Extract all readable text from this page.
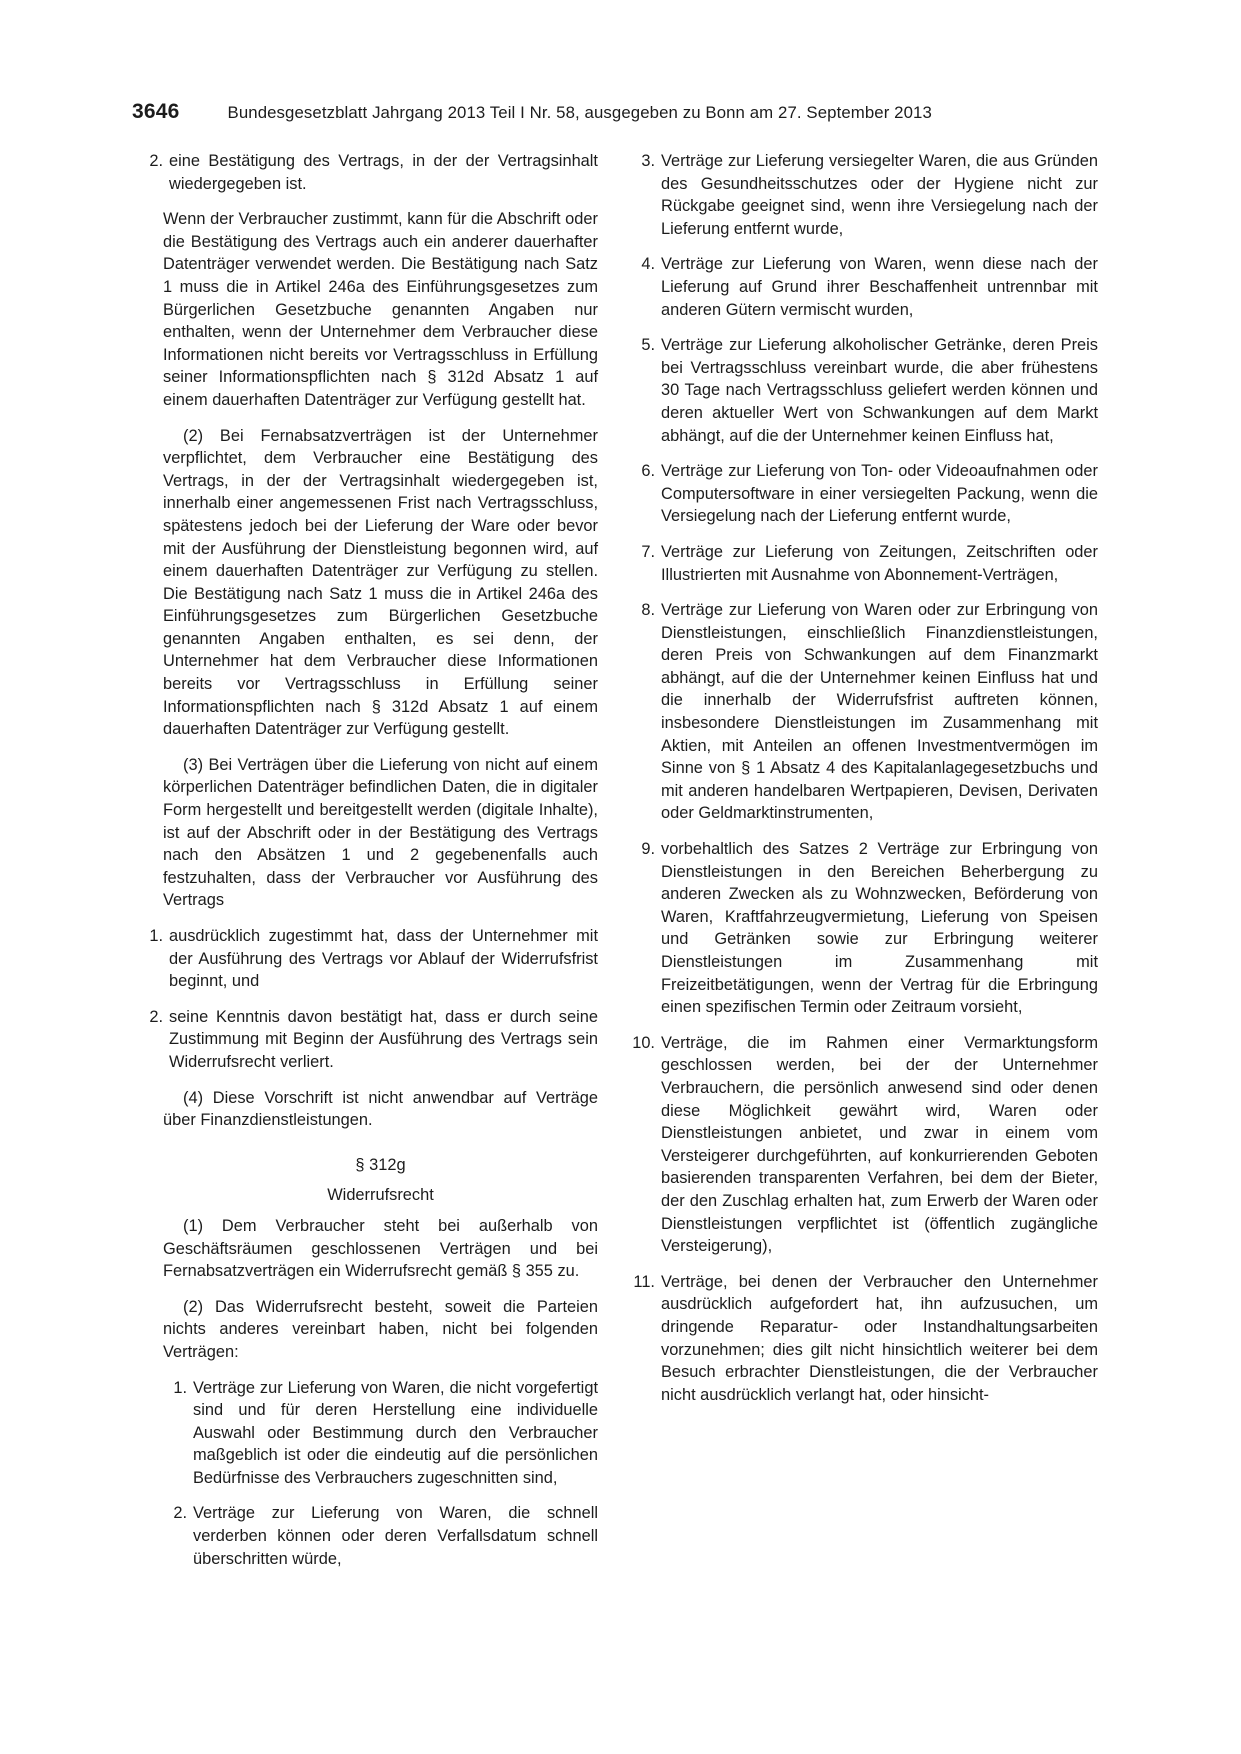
3646	Bundesgesetzblatt Jahrgang 2013 Teil I Nr. 58, ausgegeben zu Bonn am 27. September 2013
2. eine Bestätigung des Vertrags, in der der Vertragsinhalt wiedergegeben ist.

Wenn der Verbraucher zustimmt, kann für die Abschrift oder die Bestätigung des Vertrags auch ein anderer dauerhafter Datenträger verwendet werden. Die Bestätigung nach Satz 1 muss die in Artikel 246a des Einführungsgesetzes zum Bürgerlichen Gesetzbuche genannten Angaben nur enthalten, wenn der Unternehmer dem Verbraucher diese Informationen nicht bereits vor Vertragsschluss in Erfüllung seiner Informationspflichten nach § 312d Absatz 1 auf einem dauerhaften Datenträger zur Verfügung gestellt hat.

(2) Bei Fernabsatzverträgen ist der Unternehmer verpflichtet, dem Verbraucher eine Bestätigung des Vertrags, in der der Vertragsinhalt wiedergegeben ist, innerhalb einer angemessenen Frist nach Vertragsschluss, spätestens jedoch bei der Lieferung der Ware oder bevor mit der Ausführung der Dienstleistung begonnen wird, auf einem dauerhaften Datenträger zur Verfügung zu stellen. Die Bestätigung nach Satz 1 muss die in Artikel 246a des Einführungsgesetzes zum Bürgerlichen Gesetzbuche genannten Angaben enthalten, es sei denn, der Unternehmer hat dem Verbraucher diese Informationen bereits vor Vertragsschluss in Erfüllung seiner Informationspflichten nach § 312d Absatz 1 auf einem dauerhaften Datenträger zur Verfügung gestellt.

(3) Bei Verträgen über die Lieferung von nicht auf einem körperlichen Datenträger befindlichen Daten, die in digitaler Form hergestellt und bereitgestellt werden (digitale Inhalte), ist auf der Abschrift oder in der Bestätigung des Vertrags nach den Absätzen 1 und 2 gegebenenfalls auch festzuhalten, dass der Verbraucher vor Ausführung des Vertrags

1. ausdrücklich zugestimmt hat, dass der Unternehmer mit der Ausführung des Vertrags vor Ablauf der Widerrufsfrist beginnt, und
2. seine Kenntnis davon bestätigt hat, dass er durch seine Zustimmung mit Beginn der Ausführung des Vertrags sein Widerrufsrecht verliert.

(4) Diese Vorschrift ist nicht anwendbar auf Verträge über Finanzdienstleistungen.

§ 312g
Widerrufsrecht

(1) Dem Verbraucher steht bei außerhalb von Geschäftsräumen geschlossenen Verträgen und bei Fernabsatzverträgen ein Widerrufsrecht gemäß § 355 zu.

(2) Das Widerrufsrecht besteht, soweit die Parteien nichts anderes vereinbart haben, nicht bei folgenden Verträgen:

1. Verträge zur Lieferung von Waren, die nicht vorgefertigt sind und für deren Herstellung eine individuelle Auswahl oder Bestimmung durch den Verbraucher maßgeblich ist oder die eindeutig auf die persönlichen Bedürfnisse des Verbrauchers zugeschnitten sind,
2. Verträge zur Lieferung von Waren, die schnell verderben können oder deren Verfallsdatum schnell überschritten würde,
3. Verträge zur Lieferung versiegelter Waren, die aus Gründen des Gesundheitsschutzes oder der Hygiene nicht zur Rückgabe geeignet sind, wenn ihre Versiegelung nach der Lieferung entfernt wurde,
4. Verträge zur Lieferung von Waren, wenn diese nach der Lieferung auf Grund ihrer Beschaffenheit untrennbar mit anderen Gütern vermischt wurden,
5. Verträge zur Lieferung alkoholischer Getränke, deren Preis bei Vertragsschluss vereinbart wurde, die aber frühestens 30 Tage nach Vertragsschluss geliefert werden können und deren aktueller Wert von Schwankungen auf dem Markt abhängt, auf die der Unternehmer keinen Einfluss hat,
6. Verträge zur Lieferung von Ton- oder Videoaufnahmen oder Computersoftware in einer versiegelten Packung, wenn die Versiegelung nach der Lieferung entfernt wurde,
7. Verträge zur Lieferung von Zeitungen, Zeitschriften oder Illustrierten mit Ausnahme von Abonnement-Verträgen,
8. Verträge zur Lieferung von Waren oder zur Erbringung von Dienstleistungen, einschließlich Finanzdienstleistungen, deren Preis von Schwankungen auf dem Finanzmarkt abhängt, auf die der Unternehmer keinen Einfluss hat und die innerhalb der Widerrufsfrist auftreten können, insbesondere Dienstleistungen im Zusammenhang mit Aktien, mit Anteilen an offenen Investmentvermögen im Sinne von § 1 Absatz 4 des Kapitalanlagegesetzbuchs und mit anderen handelbaren Wertpapieren, Devisen, Derivaten oder Geldmarktinstrumenten,
9. vorbehaltlich des Satzes 2 Verträge zur Erbringung von Dienstleistungen in den Bereichen Beherbergung zu anderen Zwecken als zu Wohnzwecken, Beförderung von Waren, Kraftfahrzeugvermietung, Lieferung von Speisen und Getränken sowie zur Erbringung weiterer Dienstleistungen im Zusammenhang mit Freizeitbetätigungen, wenn der Vertrag für die Erbringung einen spezifischen Termin oder Zeitraum vorsieht,
10. Verträge, die im Rahmen einer Vermarktungsform geschlossen werden, bei der der Unternehmer Verbrauchern, die persönlich anwesend sind oder denen diese Möglichkeit gewährt wird, Waren oder Dienstleistungen anbietet, und zwar in einem vom Versteigerer durchgeführten, auf konkurrierenden Geboten basierenden transparenten Verfahren, bei dem der Bieter, der den Zuschlag erhalten hat, zum Erwerb der Waren oder Dienstleistungen verpflichtet ist (öffentlich zugängliche Versteigerung),
11. Verträge, bei denen der Verbraucher den Unternehmer ausdrücklich aufgefordert hat, ihn aufzusuchen, um dringende Reparatur- oder Instandhaltungsarbeiten vorzunehmen; dies gilt nicht hinsichtlich weiterer bei dem Besuch erbrachter Dienstleistungen, die der Verbraucher nicht ausdrücklich verlangt hat, oder hinsicht-
